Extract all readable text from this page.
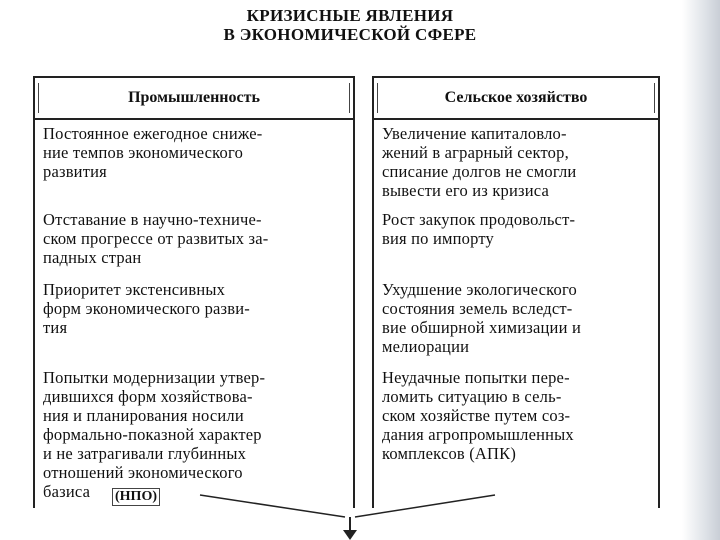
КРИЗИСНЫЕ ЯВЛЕНИЯ
В ЭКОНОМИЧЕСКОЙ СФЕРЕ
Промышленность
Постоянное ежегодное сниже-
ние темпов экономического
развития
Отставание в научно-техниче-
ском прогрессе от развитых за-
падных стран
Приоритет экстенсивных
форм экономического разви-
тия
Попытки модернизации утвер-
дившихся форм хозяйствова-
ния и планирования носили
формально-показной характер
и не затрагивали глубинных
отношений экономического
базиса
Сельское хозяйство
Увеличение капиталовло-
жений в аграрный сектор,
списание долгов не смогли
вывести его из кризиса
Рост закупок продовольст-
вия по импорту
Ухудшение экологического
состояния земель вследст-
вие обширной химизации и
мелиорации
Неудачные попытки пере-
ломить ситуацию в сель-
ском хозяйстве путем соз-
дания агропромышленных
комплексов (АПК)
(НПО)
